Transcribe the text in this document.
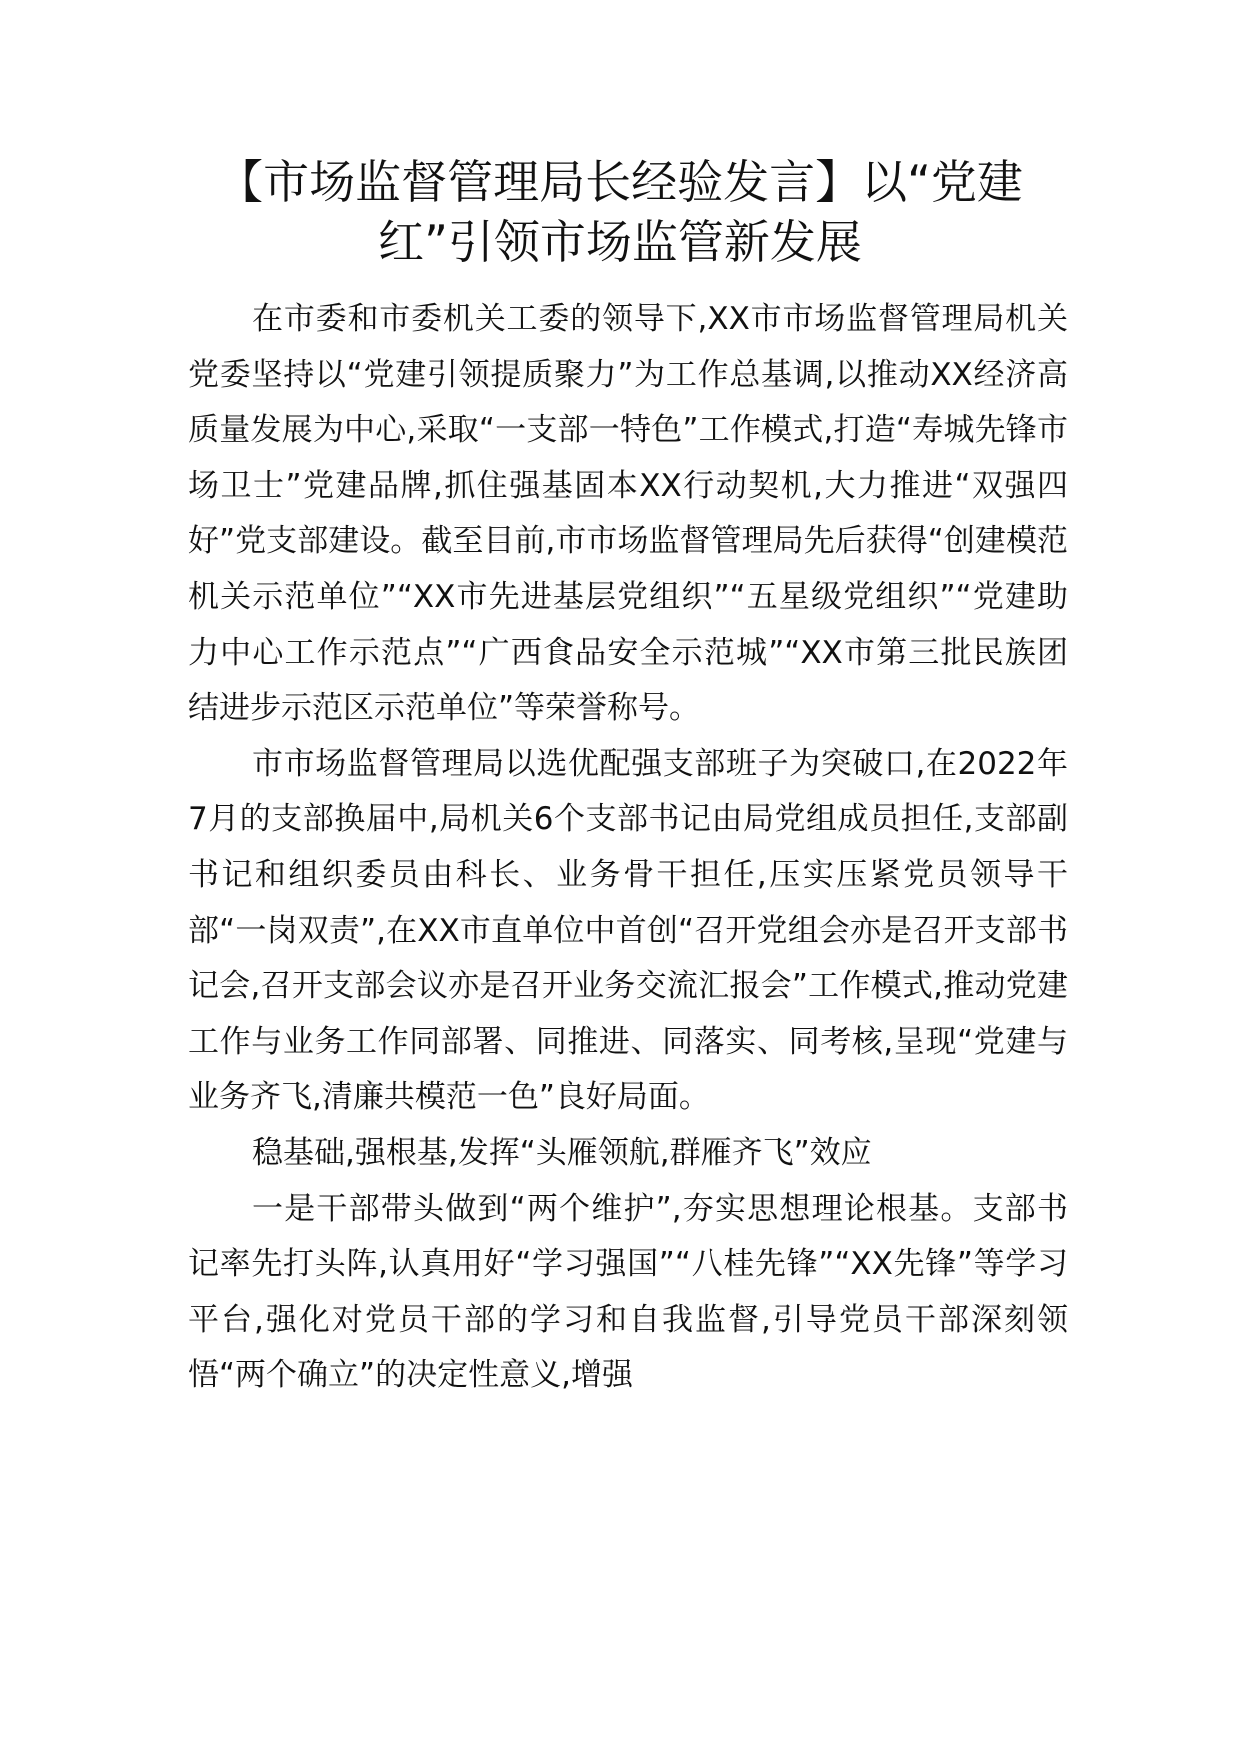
【市场监督管理局长经验发言】以“党建红”引领市场监管新发展

在市委和市委机关工委的领导下,XX市市场监督管理局机关党委坚持以“党建引领提质聚力”为工作总基调,以推动XX经济高质量发展为中心,采取“一支部一特色”工作模式,打造“寿城先锋市场卫士”党建品牌,抓住强基固本XX行动契机,大力推进“双强四好”党支部建设。截至目前,市市场监督管理局先后获得“创建模范机关示范单位”“XX市先进基层党组织”“五星级党组织”“党建助力中心工作示范点”“广西食品安全示范城”“XX市第三批民族团结进步示范区示范单位”等荣誉称号。

市市场监督管理局以选优配强支部班子为突破口,在2022年7月的支部换届中,局机关6个支部书记由局党组成员担任,支部副书记和组织委员由科长、业务骨干担任,压实压紧党员领导干部“一岗双责”,在XX市直单位中首创“召开党组会亦是召开支部书记会,召开支部会议亦是召开业务交流汇报会”工作模式,推动党建工作与业务工作同部署、同推进、同落实、同考核,呈现“党建与业务齐飞,清廉共模范一色”良好局面。

稳基础,强根基,发挥“头雁领航,群雁齐飞”效应

一是干部带头做到“两个维护”,夯实思想理论根基。支部书记率先打头阵,认真用好“学习强国”“八桂先锋”“XX先锋”等学习平台,强化对党员干部的学习和自我监督,引导党员干部深刻领悟“两个确立”的决定性意义,增强
